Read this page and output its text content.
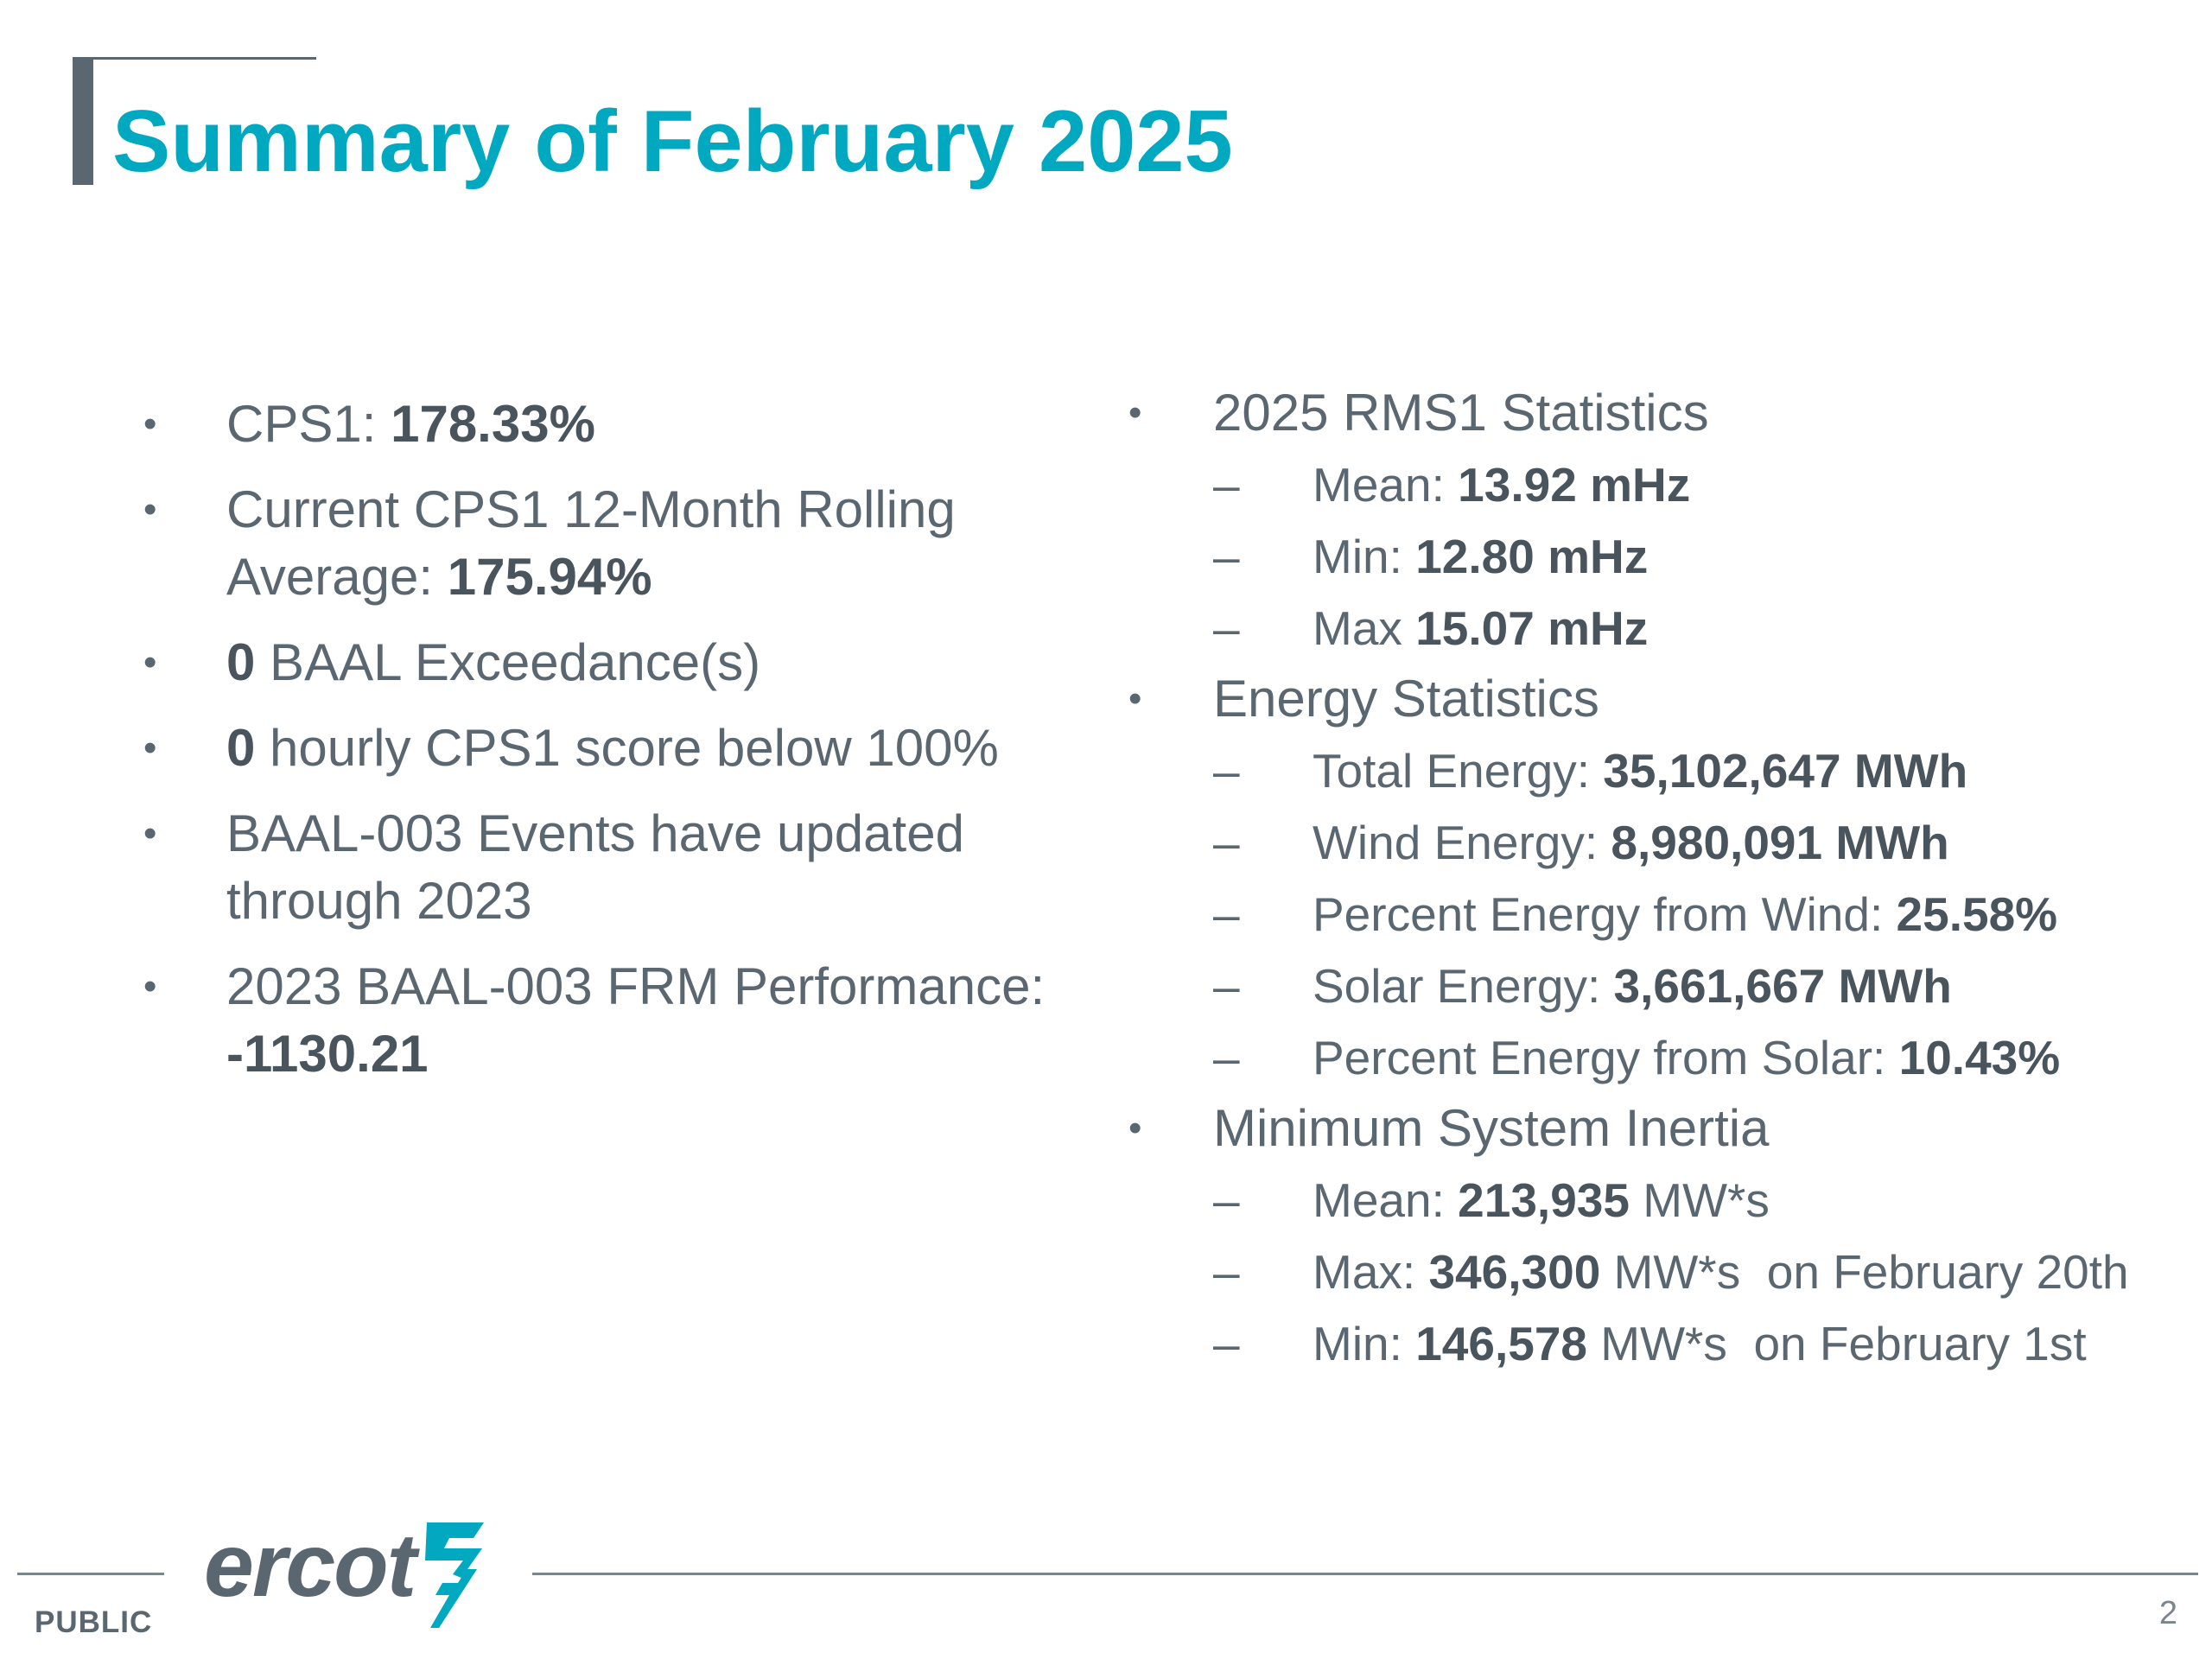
Summary of February 2025
• CPS1: 178.33%
• Current CPS1 12-Month Rolling Average: 175.94%
• 0 BAAL Exceedance(s)
• 0 hourly CPS1 score below 100%
• BAAL-003 Events have updated through 2023
• 2023 BAAL-003 FRM Performance: -1130.21
• 2025 RMS1 Statistics
– Mean: 13.92 mHz
– Min: 12.80 mHz
– Max 15.07 mHz
• Energy Statistics
– Total Energy: 35,102,647 MWh
– Wind Energy: 8,980,091 MWh
– Percent Energy from Wind: 25.58%
– Solar Energy: 3,661,667 MWh
– Percent Energy from Solar: 10.43%
• Minimum System Inertia
– Mean: 213,935 MW*s
– Max: 346,300 MW*s  on February 20th
– Min: 146,578 MW*s  on February 1st
PUBLIC
ercot	2
